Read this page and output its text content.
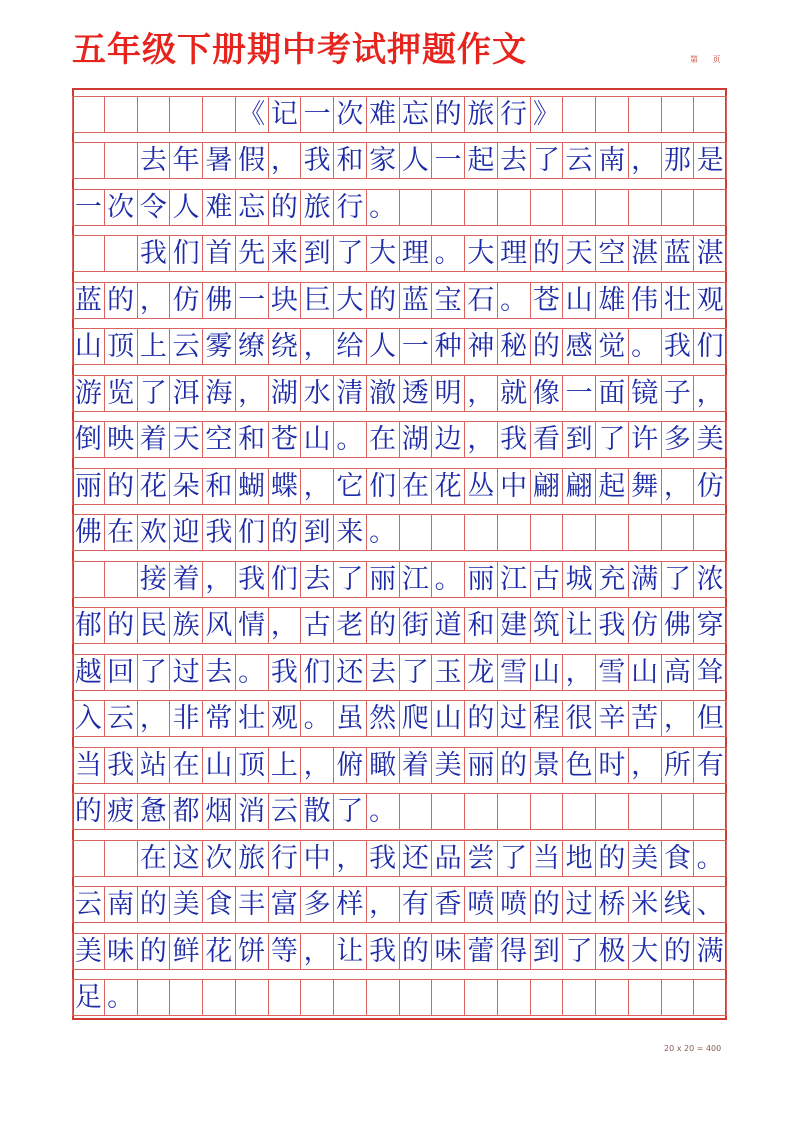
五年级下册期中考试押题作文	第 页
《 记 一 次 难 忘 的 旅 行 》
去 年 暑 假 ， 我 和 家 人 一 起 去 了 云 南 ， 那 是
一 次 令 人 难 忘 的 旅 行 。
我 们 首 先 来 到 了 大 理 。 大 理 的 天 空 湛 蓝 湛
蓝 的 ， 仿 佛 一 块 巨 大 的 蓝 宝 石 。 苍 山 雄 伟 壮 观
山 顶 上 云 雾 缭 绕 ， 给 人 一 种 神 秘 的 感 觉 。 我 们
游 览 了 洱 海 ， 湖 水 清 澈 透 明 ， 就 像 一 面 镜 子 ，
倒 映 着 天 空 和 苍 山 。 在 湖 边 ， 我 看 到 了 许 多 美
丽 的 花 朵 和 蝴 蝶 ， 它 们 在 花 丛 中 翩 翩 起 舞 ， 仿
佛 在 欢 迎 我 们 的 到 来 。
接 着 ， 我 们 去 了 丽 江 。 丽 江 古 城 充 满 了 浓
郁 的 民 族 风 情 ， 古 老 的 街 道 和 建 筑 让 我 仿 佛 穿
越 回 了 过 去 。 我 们 还 去 了 玉 龙 雪 山 ， 雪 山 高 耸
入 云 ， 非 常 壮 观 。 虽 然 爬 山 的 过 程 很 辛 苦 ， 但
当 我 站 在 山 顶 上 ， 俯 瞰 着 美 丽 的 景 色 时 ， 所 有
的 疲 惫 都 烟 消 云 散 了 。
在 这 次 旅 行 中 ， 我 还 品 尝 了 当 地 的 美 食 。
云 南 的 美 食 丰 富 多 样 ， 有 香 喷 喷 的 过 桥 米 线 、
美 味 的 鲜 花 饼 等 ， 让 我 的 味 蕾 得 到 了 极 大 的 满
足 。
20 x 20 = 400
